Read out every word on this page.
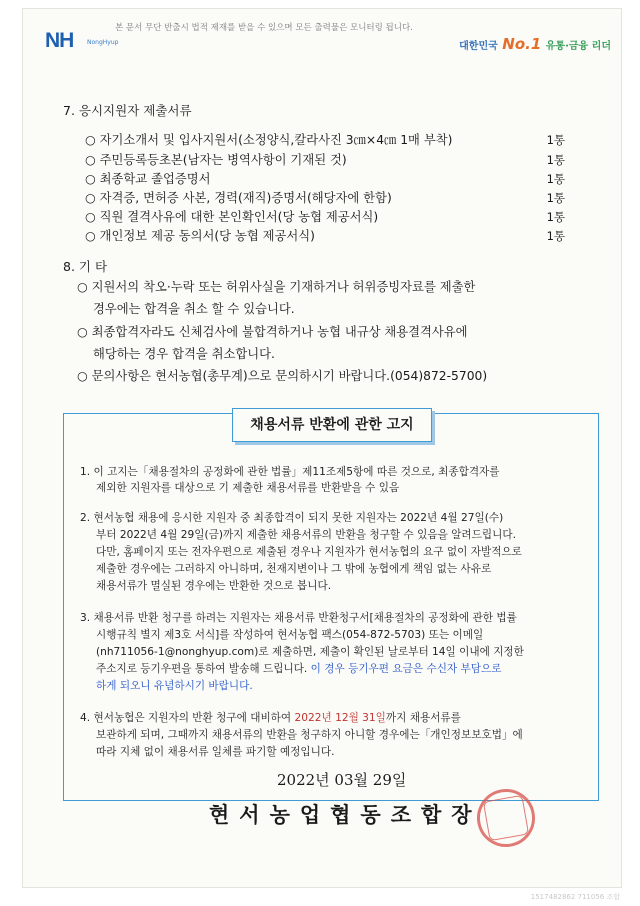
NH NongHyup
본 문서 무단 반출시 법적 제재를 받을 수 있으며 모든 출력물은 모니터링 됩니다.
대한민국 No.1 유통·금융 리더
7. 응시지원자 제출서류
○ 자기소개서 및 입사지원서(소정양식,칼라사진 3㎝×4㎝ 1매 부착)	1통
○ 주민등록등초본(남자는 병역사항이 기재된 것)	1통
○ 최종학교 졸업증명서	1통
○ 자격증, 면허증 사본, 경력(재직)증명서(해당자에 한함)	1통
○ 직원 결격사유에 대한 본인확인서(당 농협 제공서식)	1통
○ 개인정보 제공 동의서(당 농협 제공서식)	1통
8. 기 타
○ 지원서의 착오·누락 또는 허위사실을 기재하거나 허위증빙자료를 제출한
경우에는 합격을 취소 할 수 있습니다.
○ 최종합격자라도 신체검사에 불합격하거나 농협 내규상 채용결격사유에
해당하는 경우 합격을 취소합니다.
○ 문의사항은 현서농협(총무계)으로 문의하시기 바랍니다.(054)872-5700)
채용서류 반환에 관한 고지
1. 이 고지는「채용절차의 공정화에 관한 법률」제11조제5항에 따른 것으로, 최종합격자를
제외한 지원자를 대상으로 기 제출한 채용서류를 반환받을 수 있음
2. 현서농협 채용에 응시한 지원자 중 최종합격이 되지 못한 지원자는 2022년 4월 27일(수)
부터 2022년 4월 29일(금)까지 제출한 채용서류의 반환을 청구할 수 있음을 알려드립니다.
다만, 홈페이지 또는 전자우편으로 제출된 경우나 지원자가 현서농협의 요구 없이 자발적으로
제출한 경우에는 그러하지 아니하며, 천재지변이나 그 밖에 농협에게 책임 없는 사유로
채용서류가 멸실된 경우에는 반환한 것으로 봅니다.
3. 채용서류 반환 청구를 하려는 지원자는 채용서류 반환청구서[채용절차의 공정화에 관한 법률
시행규칙 별지 제3호 서식]를 작성하여 현서농협 팩스(054-872-5703) 또는 이메일
(nh711056-1@nonghyup.com)로 제출하면, 제출이 확인된 날로부터 14일 이내에 지정한
주소지로 등기우편을 통하여 발송해 드립니다. 이 경우 등기우편 요금은 수신자 부담으로
하게 되오니 유념하시기 바랍니다.
4. 현서농협은 지원자의 반환 청구에 대비하여 2022년 12월 31일까지 채용서류를
보관하게 되며, 그때까지 채용서류의 반환을 청구하지 아니할 경우에는「개인정보보호법」에
따라 지체 없이 채용서류 일체를 파기할 예정입니다.
2022년 03월 29일
현서농업협동조합장
1517482862 711056 조합
